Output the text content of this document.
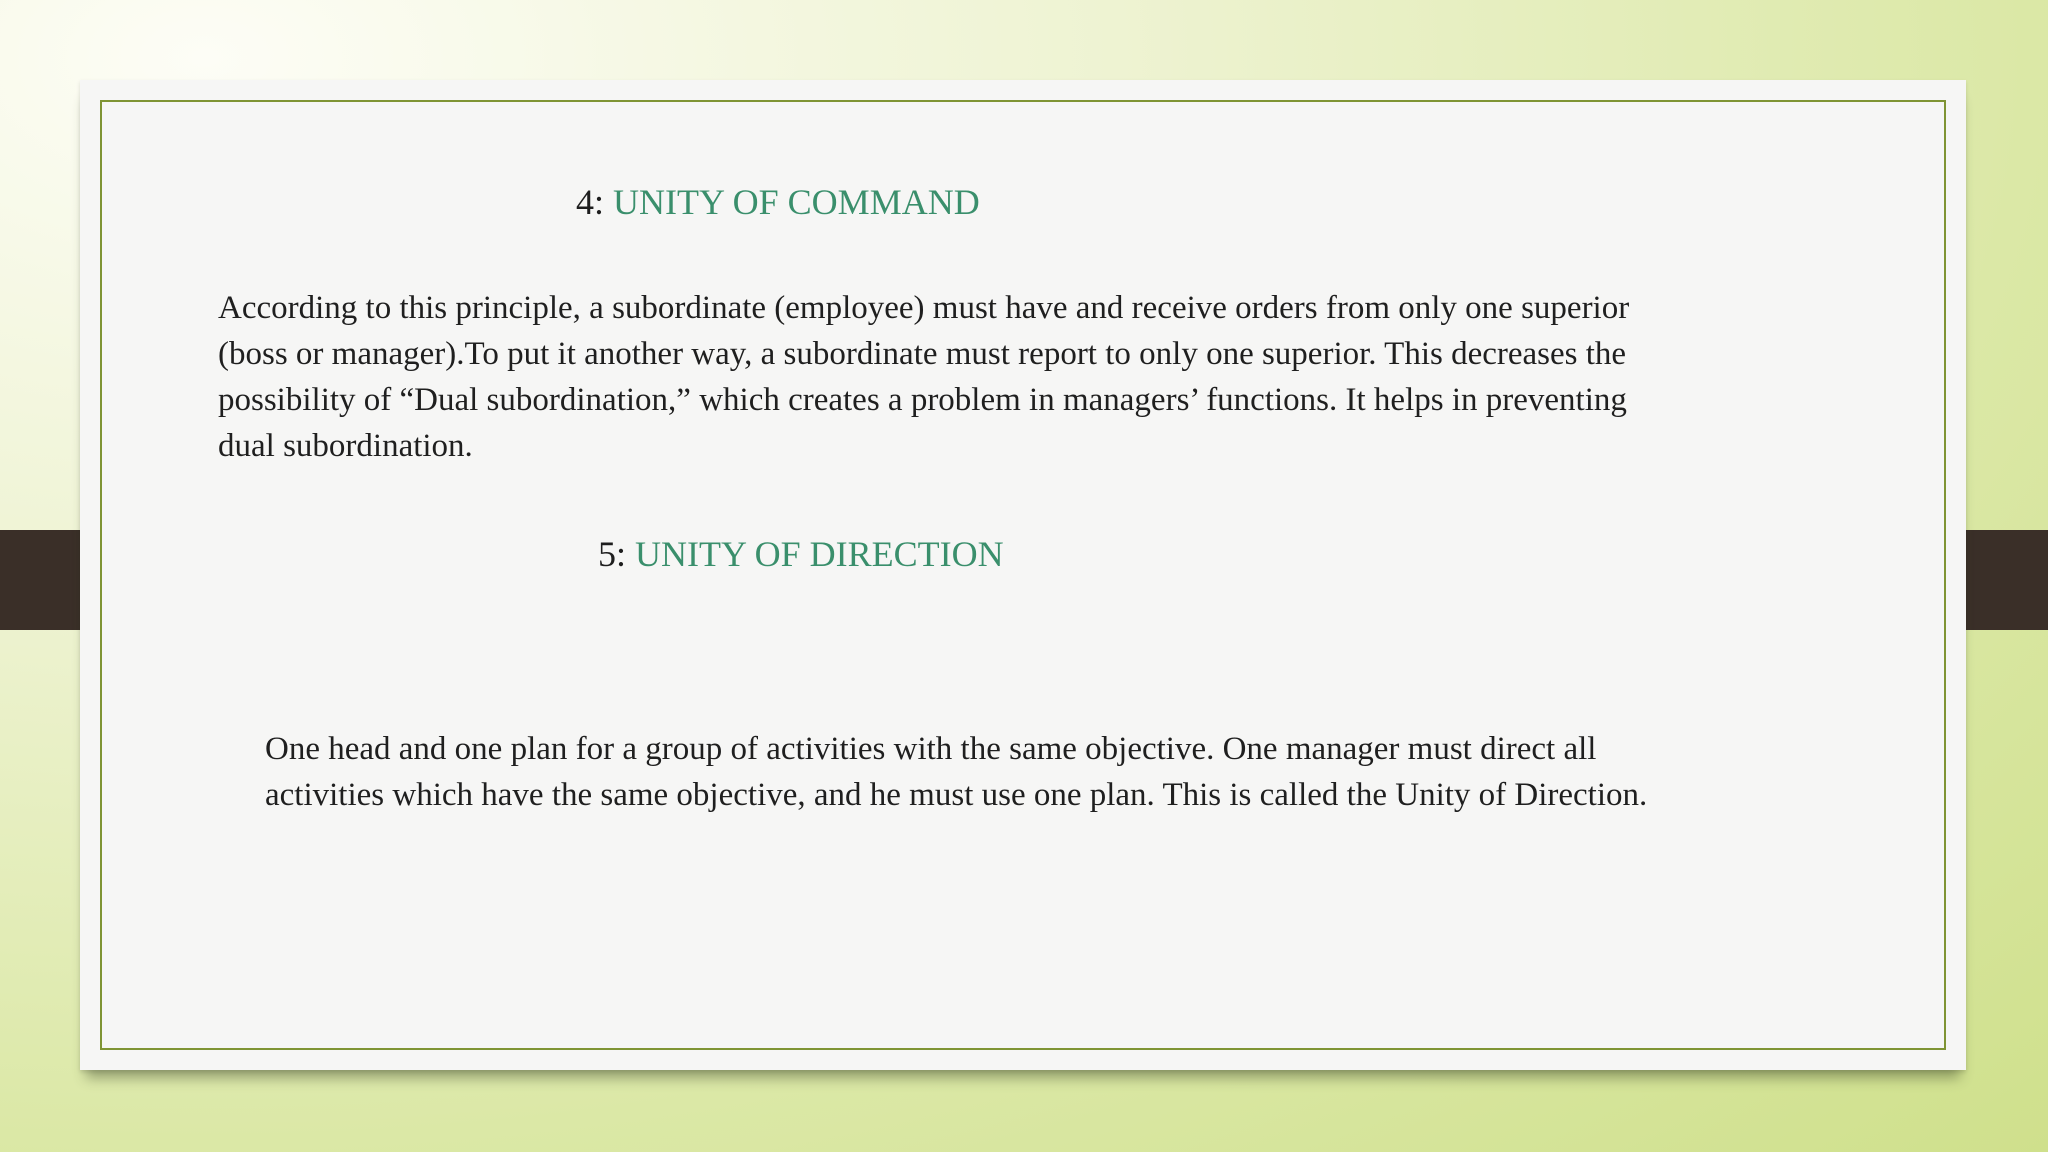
4: UNITY OF COMMAND

According to this principle, a subordinate (employee) must have and receive orders from only one superior (boss or manager).To put it another way, a subordinate must report to only one superior. This decreases the possibility of “Dual subordination,” which creates a problem in managers’ functions. It helps in preventing dual subordination.

5: UNITY OF DIRECTION

One head and one plan for a group of activities with the same objective. One manager must direct all activities which have the same objective, and he must use one plan. This is called the Unity of Direction.
